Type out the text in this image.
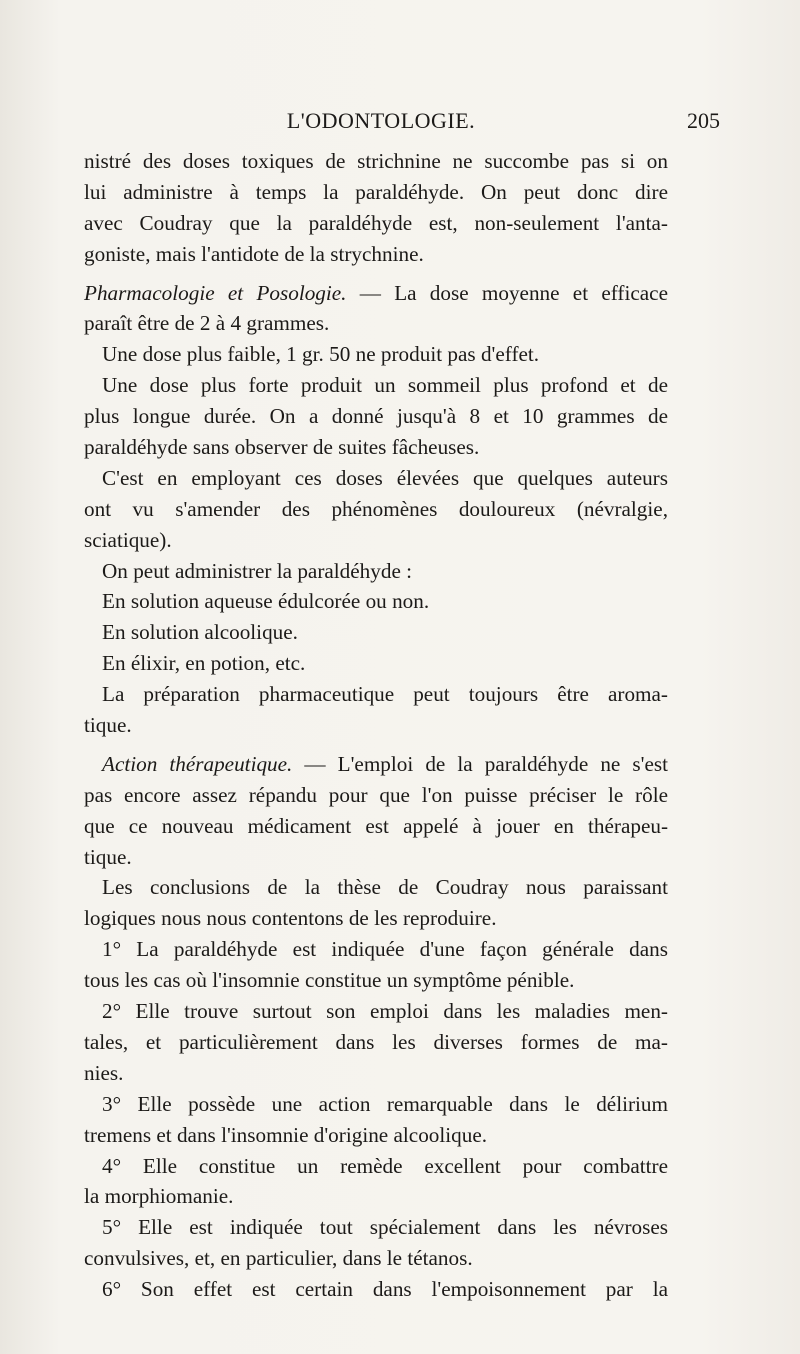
L'ODONTOLOGIE.	205
nistré des doses toxiques de strichnine ne succombe pas si on
lui administre à temps la paraldéhyde. On peut donc dire
avec Coudray que la paraldéhyde est, non-seulement l'anta-
goniste, mais l'antidote de la strychnine.
Pharmacologie et Posologie. — La dose moyenne et efficace
paraît être de 2 à 4 grammes.
Une dose plus faible, 1 gr. 50 ne produit pas d'effet.
Une dose plus forte produit un sommeil plus profond et de
plus longue durée. On a donné jusqu'à 8 et 10 grammes de
paraldéhyde sans observer de suites fâcheuses.
C'est en employant ces doses élevées que quelques auteurs
ont vu s'amender des phénomènes douloureux (névralgie,
sciatique).
On peut administrer la paraldéhyde :
En solution aqueuse édulcorée ou non.
En solution alcoolique.
En élixir, en potion, etc.
La préparation pharmaceutique peut toujours être aroma-
tique.
Action thérapeutique. — L'emploi de la paraldéhyde ne s'est
pas encore assez répandu pour que l'on puisse préciser le rôle
que ce nouveau médicament est appelé à jouer en thérapeu-
tique.
Les conclusions de la thèse de Coudray nous paraissant
logiques nous nous contentons de les reproduire.
1° La paraldéhyde est indiquée d'une façon générale dans
tous les cas où l'insomnie constitue un symptôme pénible.
2° Elle trouve surtout son emploi dans les maladies men-
tales, et particulièrement dans les diverses formes de ma-
nies.
3° Elle possède une action remarquable dans le délirium
tremens et dans l'insomnie d'origine alcoolique.
4° Elle constitue un remède excellent pour combattre
la morphiomanie.
5° Elle est indiquée tout spécialement dans les névroses
convulsives, et, en particulier, dans le tétanos.
6° Son effet est certain dans l'empoisonnement par la
